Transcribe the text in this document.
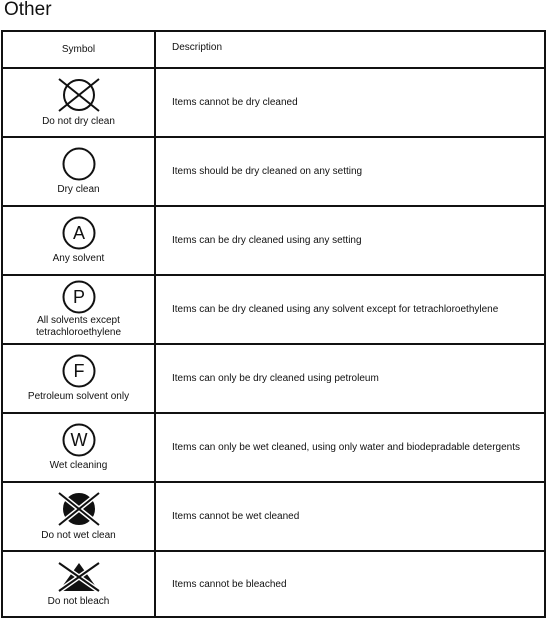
Other
Symbol	Description
Do not dry clean
Items cannot be dry cleaned
Dry clean
Items should be dry cleaned on any setting
A
Any solvent
Items can be dry cleaned using any setting
P
All solvents except tetrachloroethylene
Items can be dry cleaned using any solvent except for tetrachloroethylene
F
Petroleum solvent only
Items can only be dry cleaned using petroleum
W
Wet cleaning
Items can only be wet cleaned, using only water and biodepradable detergents
Do not wet clean
Items cannot be wet cleaned
Do not bleach
Items cannot be bleached
